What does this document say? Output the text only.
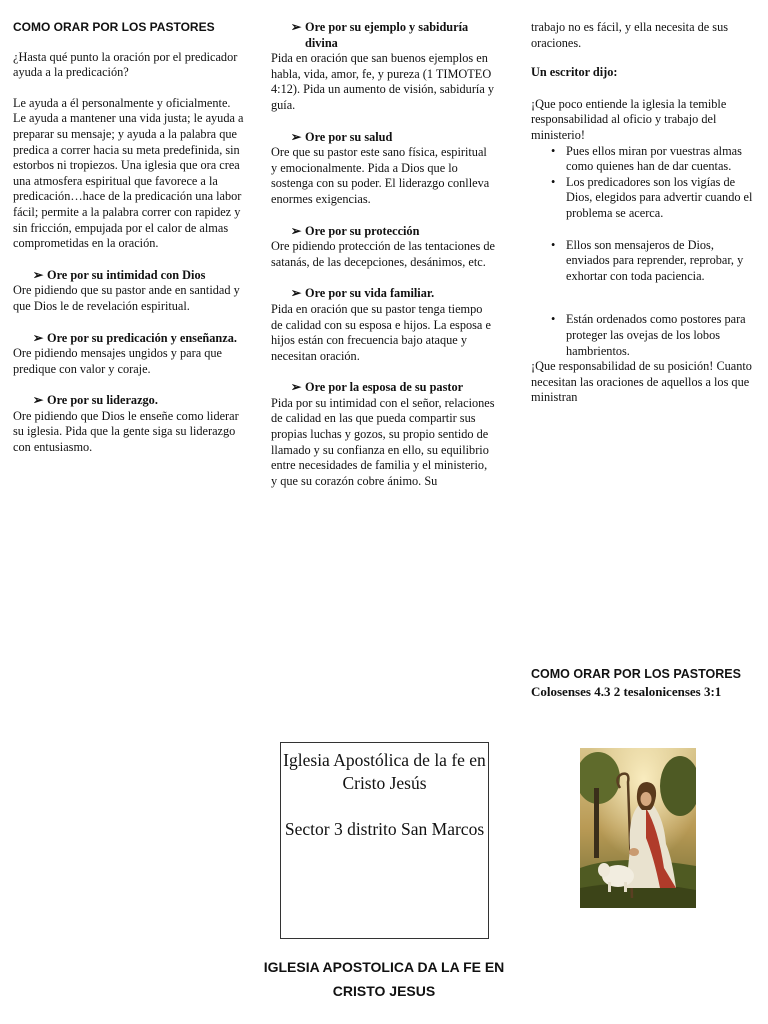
COMO ORAR POR LOS PASTORES

¿Hasta qué punto la oración por el predicador ayuda a la predicación?

Le ayuda a él personalmente y oficialmente. Le ayuda a mantener una vida justa; le ayuda a preparar su mensaje; y ayuda a la palabra que predica a correr hacia su meta predefinida, sin estorbos ni tropiezos. Una iglesia que ora crea una atmosfera espiritual que favorece a la predicación…hace de la predicación una labor fácil; permite a la palabra correr con rapidez y sin fricción, empujada por el calor de almas comprometidas en la oración.

➢ Ore por su intimidad con Dios

Ore pidiendo que su pastor ande en santidad y que Dios le de revelación espiritual.

➢ Ore por su predicación y enseñanza.

Ore pidiendo mensajes ungidos y para que predique con valor y coraje.

➢ Ore por su liderazgo.

Ore pidiendo que Dios le enseñe como liderar su iglesia. Pida que la gente siga su liderazgo con entusiasmo.

➢ Ore por su ejemplo y sabiduría divina

Pida en oración que san buenos ejemplos en habla, vida, amor, fe, y pureza (1 TIMOTEO 4:12). Pida un aumento de visión, sabiduría y guía.

➢ Ore por su salud

Ore que su pastor este sano física, espiritual y emocionalmente. Pida a Dios que lo sostenga con su poder. El liderazgo conlleva enormes exigencias.

➢ Ore por su protección

Ore pidiendo protección de las tentaciones de satanás, de las decepciones, desánimos, etc.

➢ Ore por su vida familiar.

Pida en oración que su pastor tenga tiempo de calidad con su esposa e hijos. La esposa e hijos están con frecuencia bajo ataque y necesitan oración.

➢ Ore por la esposa de su pastor

Pida por su intimidad con el señor, relaciones de calidad en las que pueda compartir sus propias luchas y gozos, su propio sentido de llamado y su confianza en ello, su equilibrio entre necesidades de familia y el ministerio, y que su corazón cobre ánimo. Su

trabajo no es fácil, y ella necesita de sus oraciones.

Un escritor dijo:

¡Que poco entiende la iglesia la temible responsabilidad al oficio y trabajo del ministerio!

• Pues ellos miran por vuestras almas como quienes han de dar cuentas.
• Los predicadores son los vigías de Dios, elegidos para advertir cuando el problema se acerca.
• Ellos son mensajeros de Dios, enviados para reprender, reprobar, y exhortar con toda paciencia.
• Están ordenados como postores para proteger las ovejas de los lobos hambrientos.

¡Que responsabilidad de su posición! Cuanto necesitan las oraciones de aquellos a los que ministran

COMO ORAR POR LOS PASTORES
Colosenses 4.3 2 tesalonicenses 3:1
Iglesia Apostólica de la fe en Cristo Jesús
Sector 3 distrito San Marcos
IGLESIA APOSTOLICA DA LA FE EN CRISTO JESUS
